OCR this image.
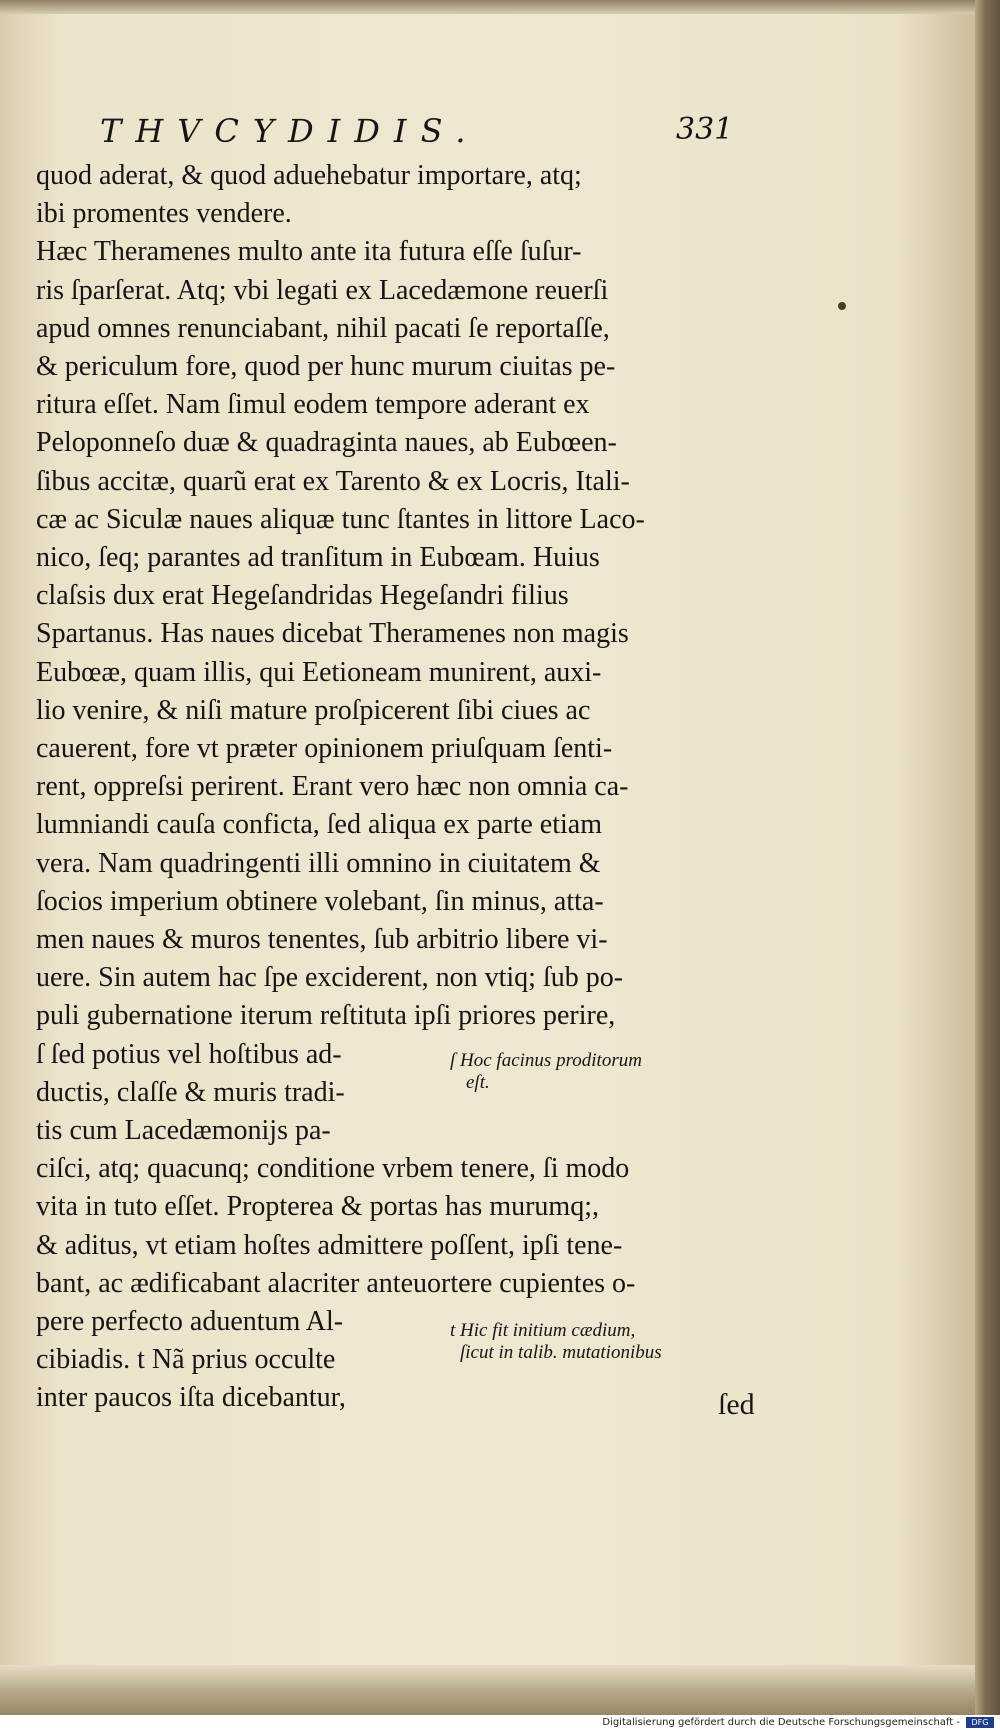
THVCYDIDIS.	331
quod aderat, & quod aduehebatur importare, atq;
ibi promentes vendere.
Hæc Theramenes multo ante ita futura eſſe ſuſur-
ris ſparſerat. Atq; vbi legati ex Lacedæmone reuerſi
apud omnes renunciabant, nihil pacati ſe reportaſſe,
& periculum fore, quod per hunc murum ciuitas pe-
ritura eſſet. Nam ſimul eodem tempore aderant ex
Peloponneſo duæ & quadraginta naues, ab Eubœen-
ſibus accitæ, quarũ erat ex Tarento & ex Locris, Itali-
cæ ac Siculæ naues aliquæ tunc ſtantes in littore Laco-
nico, ſeq; parantes ad tranſitum in Eubœam. Huius
claſsis dux erat Hegeſandridas Hegeſandri filius
Spartanus. Has naues dicebat Theramenes non magis
Eubœæ, quam illis, qui Eetioneam munirent, auxi-
lio venire, & niſi mature proſpicerent ſibi ciues ac
cauerent, fore vt præter opinionem priuſquam ſenti-
rent, oppreſsi perirent. Erant vero hæc non omnia ca-
lumniandi cauſa conficta, ſed aliqua ex parte etiam
vera. Nam quadringenti illi omnino in ciuitatem &
ſocios imperium obtinere volebant, ſin minus, atta-
men naues & muros tenentes, ſub arbitrio libere vi-
uere. Sin autem hac ſpe exciderent, non vtiq; ſub po-
puli gubernatione iterum reſtituta ipſi priores perire,
ſ ſed potius vel hoſtibus ad-
ductis, claſſe & muris tradi-
tis cum Lacedæmonijs pa-
ciſci, atq; quacunq; conditione vrbem tenere, ſi modo
vita in tuto eſſet. Propterea & portas has murumq;,
& aditus, vt etiam hoſtes admittere poſſent, ipſi tene-
bant, ac ædificabant alacriter anteuortere cupientes o-
pere perfecto aduentum Al-
cibiadis. t Nã prius occulte
inter paucos iſta dicebantur,
ſ Hoc facinus proditorum
eſt.
t Hic fit initium cædium,
ſicut in talib. mutationibus
ſed
Digitalisierung gefördert durch die Deutsche Forschungsgemeinschaft -	DFG
